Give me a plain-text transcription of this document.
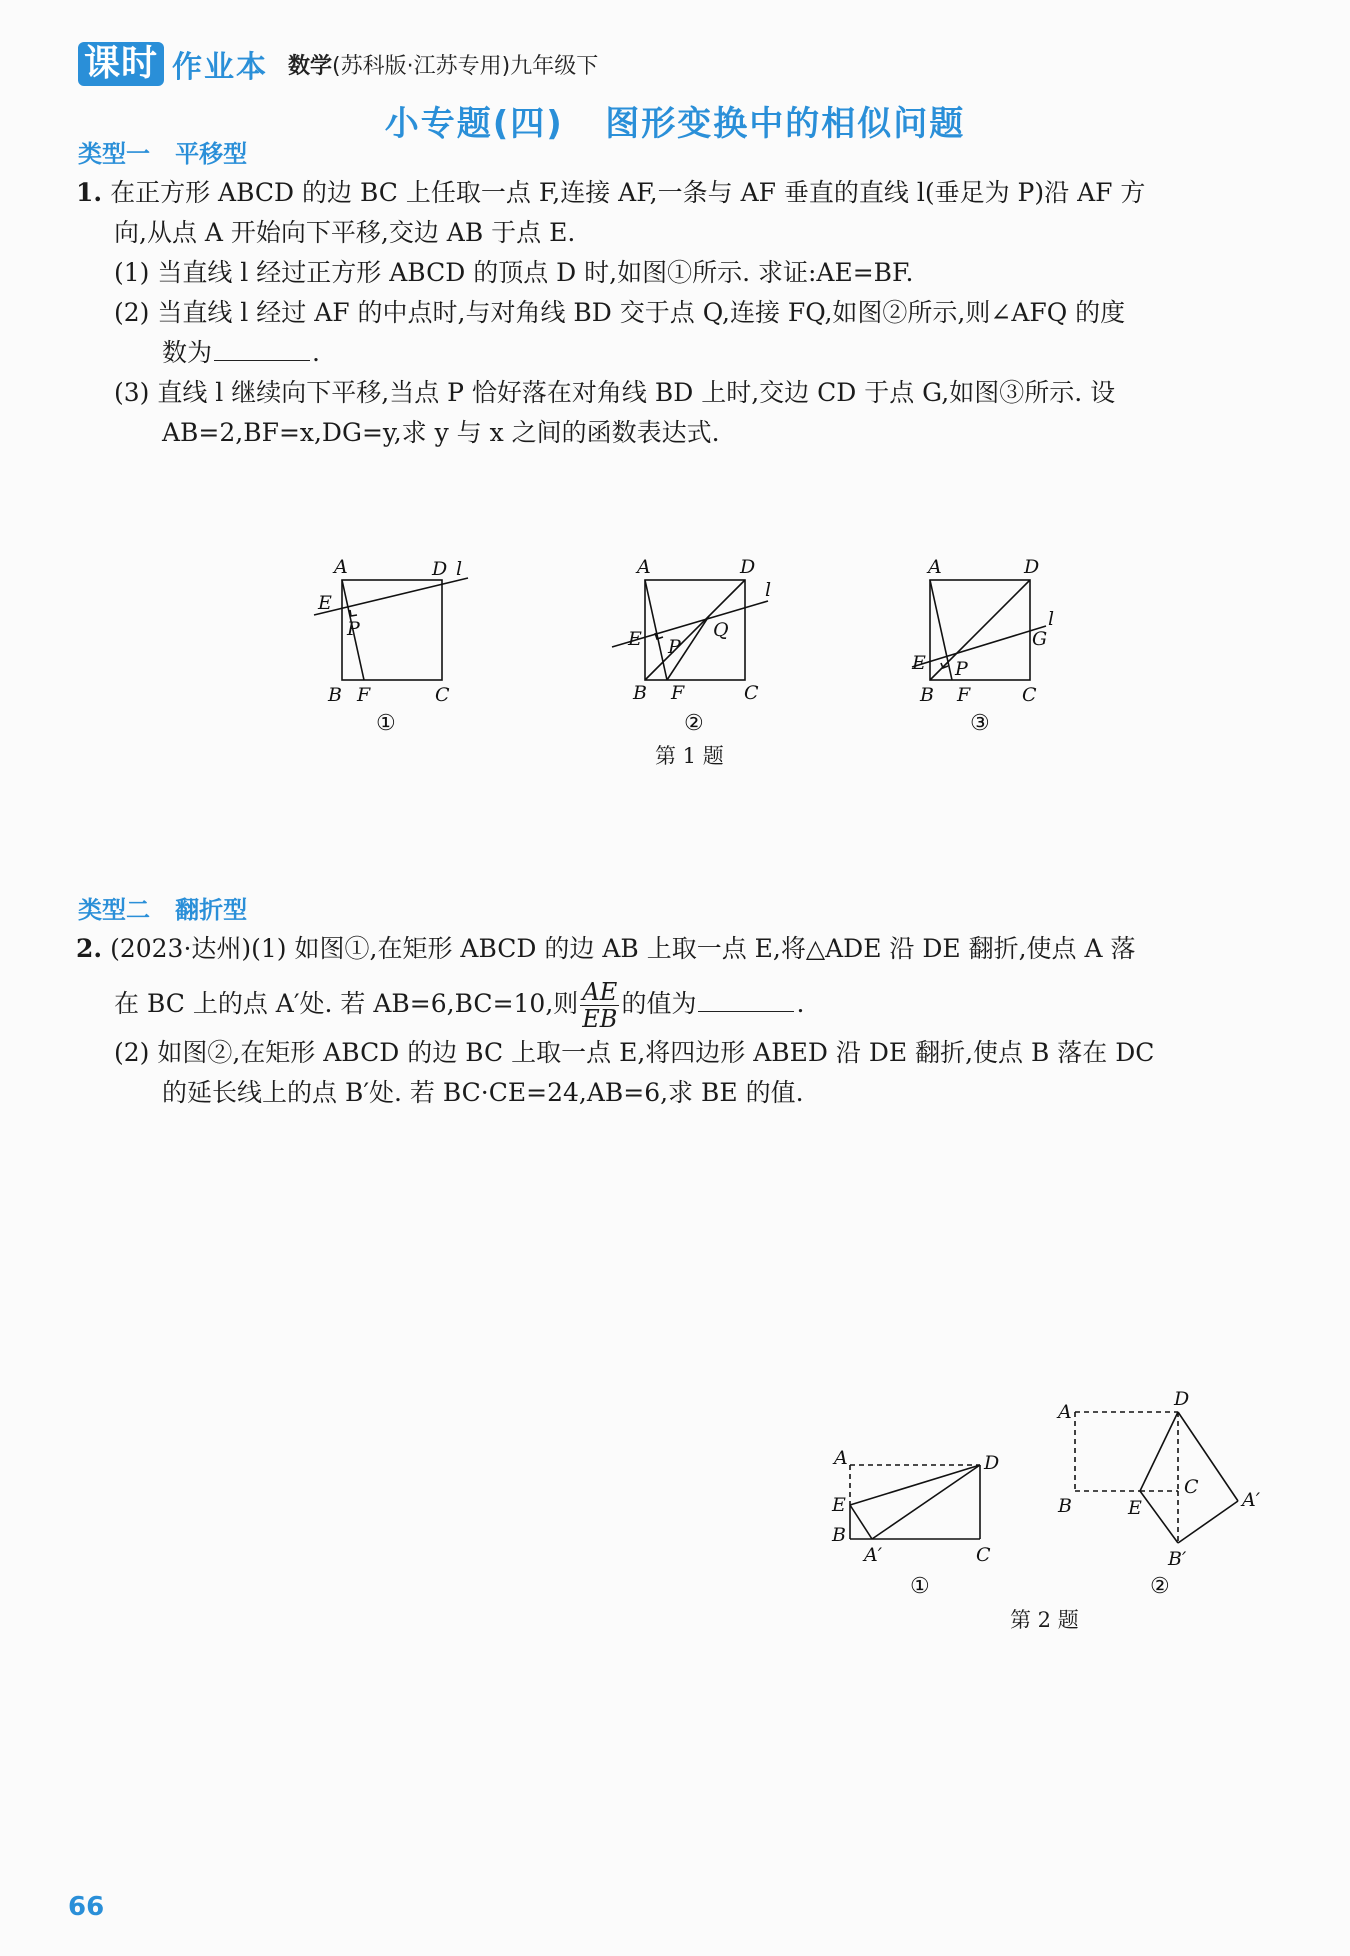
课时 作业本 数学(苏科版·江苏专用)九年级下
小专题(四)   图形变换中的相似问题
类型一   平移型
1. 在正方形 ABCD 的边 BC 上任取一点 F,连接 AF,一条与 AF 垂直的直线 l(垂足为 P)沿 AF 方
向,从点 A 开始向下平移,交边 AB 于点 E.
(1) 当直线 l 经过正方形 ABCD 的顶点 D 时,如图①所示. 求证:AE=BF.
(2) 当直线 l 经过 AF 的中点时,与对角线 BD 交于点 Q,连接 FQ,如图②所示,则∠AFQ 的度
数为	.
(3) 直线 l 继续向下平移,当点 P 恰好落在对角线 BD 上时,交边 CD 于点 G,如图③所示. 设
AB=2,BF=x,DG=y,求 y 与 x 之间的函数表达式.
A	D l
E
P
B F	C
①
A	D
l
E P
Q
B F	C
②
A	D
l
G
E P
B F	C
③
第 1 题
类型二   翻折型
2. (2023·达州)(1) 如图①,在矩形 ABCD 的边 AB 上取一点 E,将△ADE 沿 DE 翻折,使点 A 落
在 BC 上的点 A′处. 若 AB=6,BC=10,则 $\frac{AE}{EB}$ 的值为	.
(2) 如图②,在矩形 ABCD 的边 BC 上取一点 E,将四边形 ABED 沿 DE 翻折,使点 B 落在 DC
的延长线上的点 B′处. 若 BC·CE=24,AB=6,求 BE 的值.
A	D
E
B
A′	C
①
A
D
B	E
C
A′
B′
②
第 2 题
66
